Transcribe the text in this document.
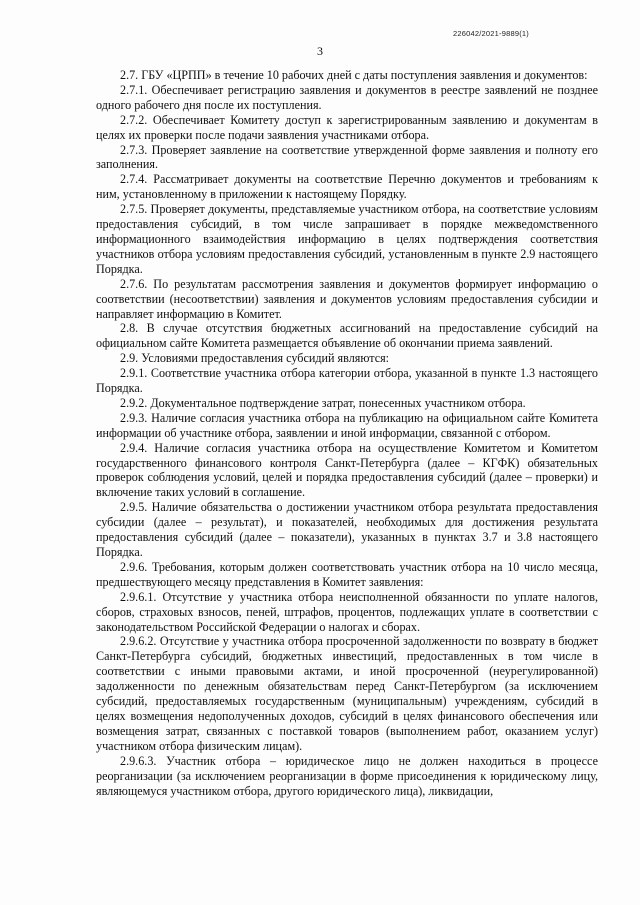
226042/2021-9889(1)
3

2.7. ГБУ «ЦРПП» в течение 10 рабочих дней с даты поступления заявления и документов:

2.7.1. Обеспечивает регистрацию заявления и документов в реестре заявлений не позднее одного рабочего дня после их поступления.

2.7.2. Обеспечивает Комитету доступ к зарегистрированным заявлению и документам в целях их проверки после подачи заявления участниками отбора.

2.7.3. Проверяет заявление на соответствие утвержденной форме заявления и полноту его заполнения.

2.7.4. Рассматривает документы на соответствие Перечню документов и требованиям к ним, установленному в приложении к настоящему Порядку.

2.7.5. Проверяет документы, представляемые участником отбора, на соответствие условиям предоставления субсидий, в том числе запрашивает в порядке межведомственного информационного взаимодействия информацию в целях подтверждения соответствия участников отбора условиям предоставления субсидий, установленным в пункте 2.9 настоящего Порядка.

2.7.6. По результатам рассмотрения заявления и документов формирует информацию о соответствии (несоответствии) заявления и документов условиям предоставления субсидии и направляет информацию в Комитет.

2.8. В случае отсутствия бюджетных ассигнований на предоставление субсидий на официальном сайте Комитета размещается объявление об окончании приема заявлений.

2.9. Условиями предоставления субсидий являются:

2.9.1. Соответствие участника отбора категории отбора, указанной в пункте 1.3 настоящего Порядка.

2.9.2. Документальное подтверждение затрат, понесенных участником отбора.

2.9.3. Наличие согласия участника отбора на публикацию на официальном сайте Комитета информации об участнике отбора, заявлении и иной информации, связанной с отбором.

2.9.4. Наличие согласия участника отбора на осуществление Комитетом и Комитетом государственного финансового контроля Санкт-Петербурга (далее – КГФК) обязательных проверок соблюдения условий, целей и порядка предоставления субсидий (далее – проверки) и включение таких условий в соглашение.

2.9.5. Наличие обязательства о достижении участником отбора результата предоставления субсидии (далее – результат), и показателей, необходимых для достижения результата предоставления субсидий (далее – показатели), указанных в пунктах 3.7 и 3.8 настоящего Порядка.

2.9.6. Требования, которым должен соответствовать участник отбора на 10 число месяца, предшествующего месяцу представления в Комитет заявления:

2.9.6.1. Отсутствие у участника отбора неисполненной обязанности по уплате налогов, сборов, страховых взносов, пеней, штрафов, процентов, подлежащих уплате в соответствии с законодательством Российской Федерации о налогах и сборах.

2.9.6.2. Отсутствие у участника отбора просроченной задолженности по возврату в бюджет Санкт-Петербурга субсидий, бюджетных инвестиций, предоставленных в том числе в соответствии с иными правовыми актами, и иной просроченной (неурегулированной) задолженности по денежным обязательствам перед Санкт-Петербургом (за исключением субсидий, предоставляемых государственным (муниципальным) учреждениям, субсидий в целях возмещения недополученных доходов, субсидий в целях финансового обеспечения или возмещения затрат, связанных с поставкой товаров (выполнением работ, оказанием услуг) участником отбора физическим лицам).

2.9.6.3. Участник отбора – юридическое лицо не должен находиться в процессе реорганизации (за исключением реорганизации в форме присоединения к юридическому лицу, являющемуся участником отбора, другого юридического лица), ликвидации,
